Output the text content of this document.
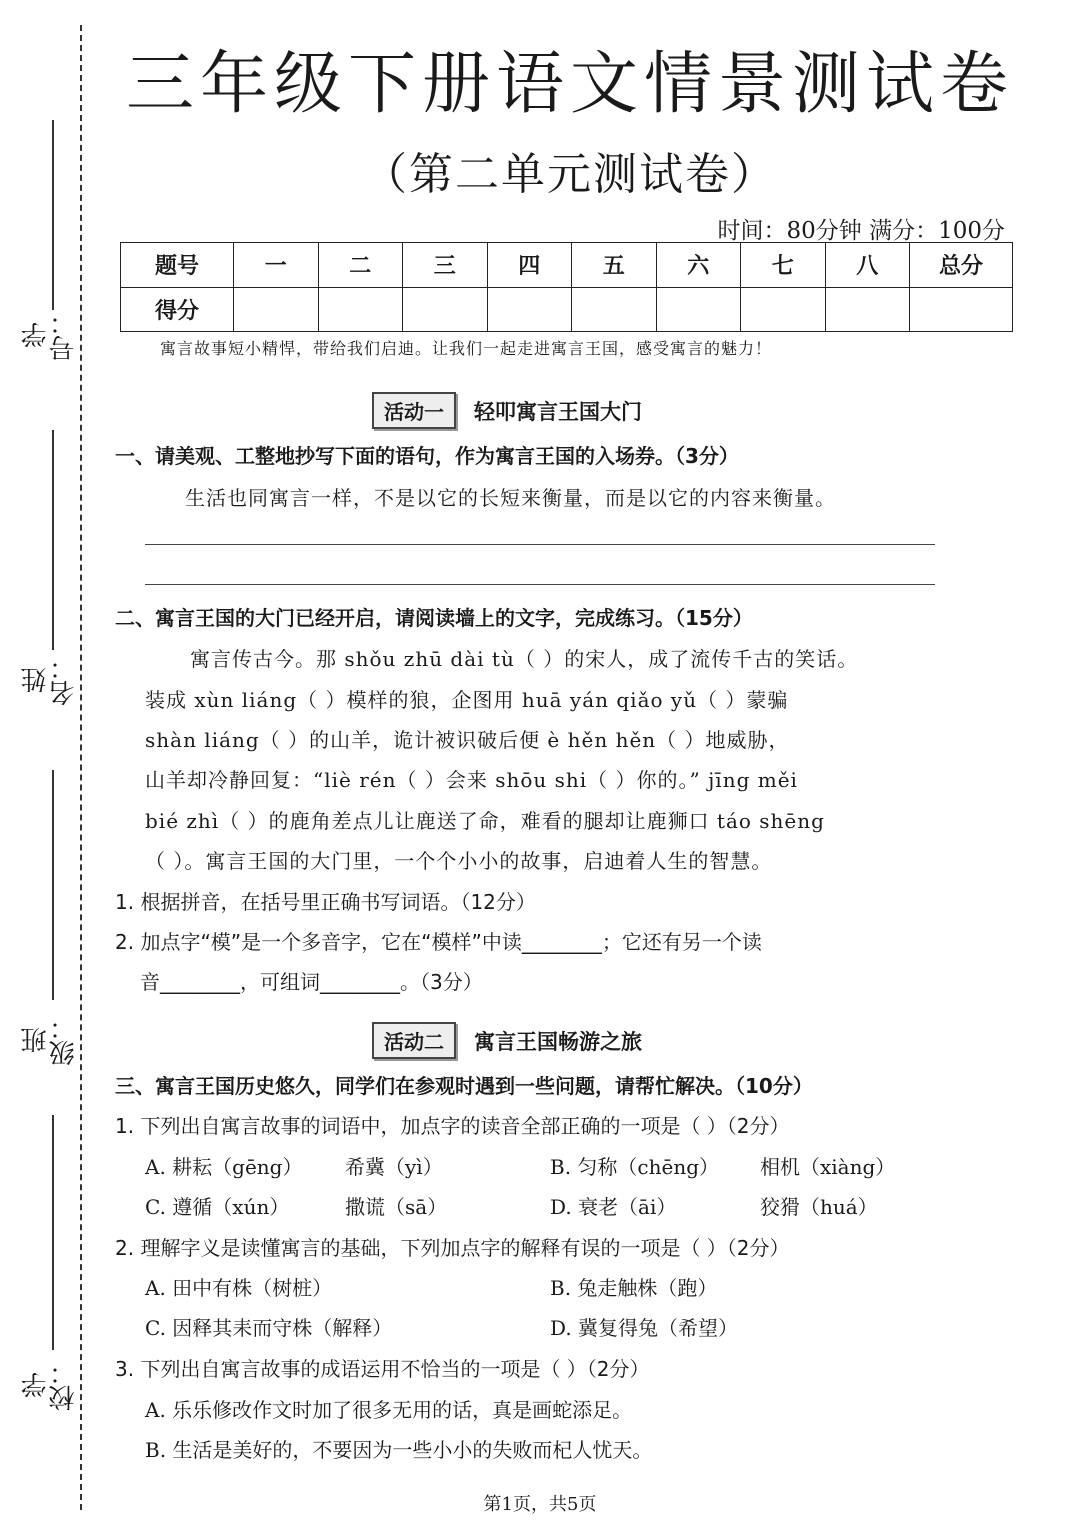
学号：
姓名：
班级：
学校：
三年级下册语文情景测试卷
（第二单元测试卷）
时间：80分钟 满分：100分
题号	一	二	三	四	五	六	七	八	总分
得分									
寓言故事短小精悍，带给我们启迪。让我们一起走进寓言王国，感受寓言的魅力！
活动一	轻叩寓言王国大门
一、请美观、工整地抄写下面的语句，作为寓言王国的入场券。（3分）
生活也同寓言一样，不是以它的长短来衡量，而是以它的内容来衡量。
二、寓言王国的大门已经开启，请阅读墙上的文字，完成练习。（15分）
寓言传古今。那 shǒu zhū dài tù（ ）的宋人，成了流传千古的笑话。
装成 xùn liáng（ ）模样的狼，企图用 huā yán qiǎo yǔ（ ）蒙骗
shàn liáng（ ）的山羊，诡计被识破后便 è hěn hěn（ ）地威胁，
山羊却冷静回复：“liè rén（ ）会来 shōu shi（ ）你的。” jīng měi
bié zhì（ ）的鹿角差点儿让鹿送了命，难看的腿却让鹿狮口 táo shēng
（ ）。寓言王国的大门里，一个个小小的故事，启迪着人生的智慧。
1. 根据拼音，在括号里正确书写词语。（12分）
2. 加点字“模”是一个多音字，它在“模样”中读________；它还有另一个读
音________，可组词________。（3分）
活动二	寓言王国畅游之旅
三、寓言王国历史悠久，同学们在参观时遇到一些问题，请帮忙解决。（10分）
1. 下列出自寓言故事的词语中，加点字的读音全部正确的一项是（ ）（2分）
A. 耕耘（gēng） 希冀（yì）	B. 匀称（chēng） 相机（xiàng）
C. 遵循（xún）	撒谎（sā）	D. 衰老（āi）	狡猾（huá）
2. 理解字义是读懂寓言的基础，下列加点字的解释有误的一项是（ ）（2分）
A. 田中有株（树桩）	B. 兔走触株（跑）
C. 因释其耒而守株（解释）	D. 冀复得兔（希望）
3. 下列出自寓言故事的成语运用不恰当的一项是（ ）（2分）
A. 乐乐修改作文时加了很多无用的话，真是画蛇添足。
B. 生活是美好的，不要因为一些小小的失败而杞人忧天。
第1页，共5页
